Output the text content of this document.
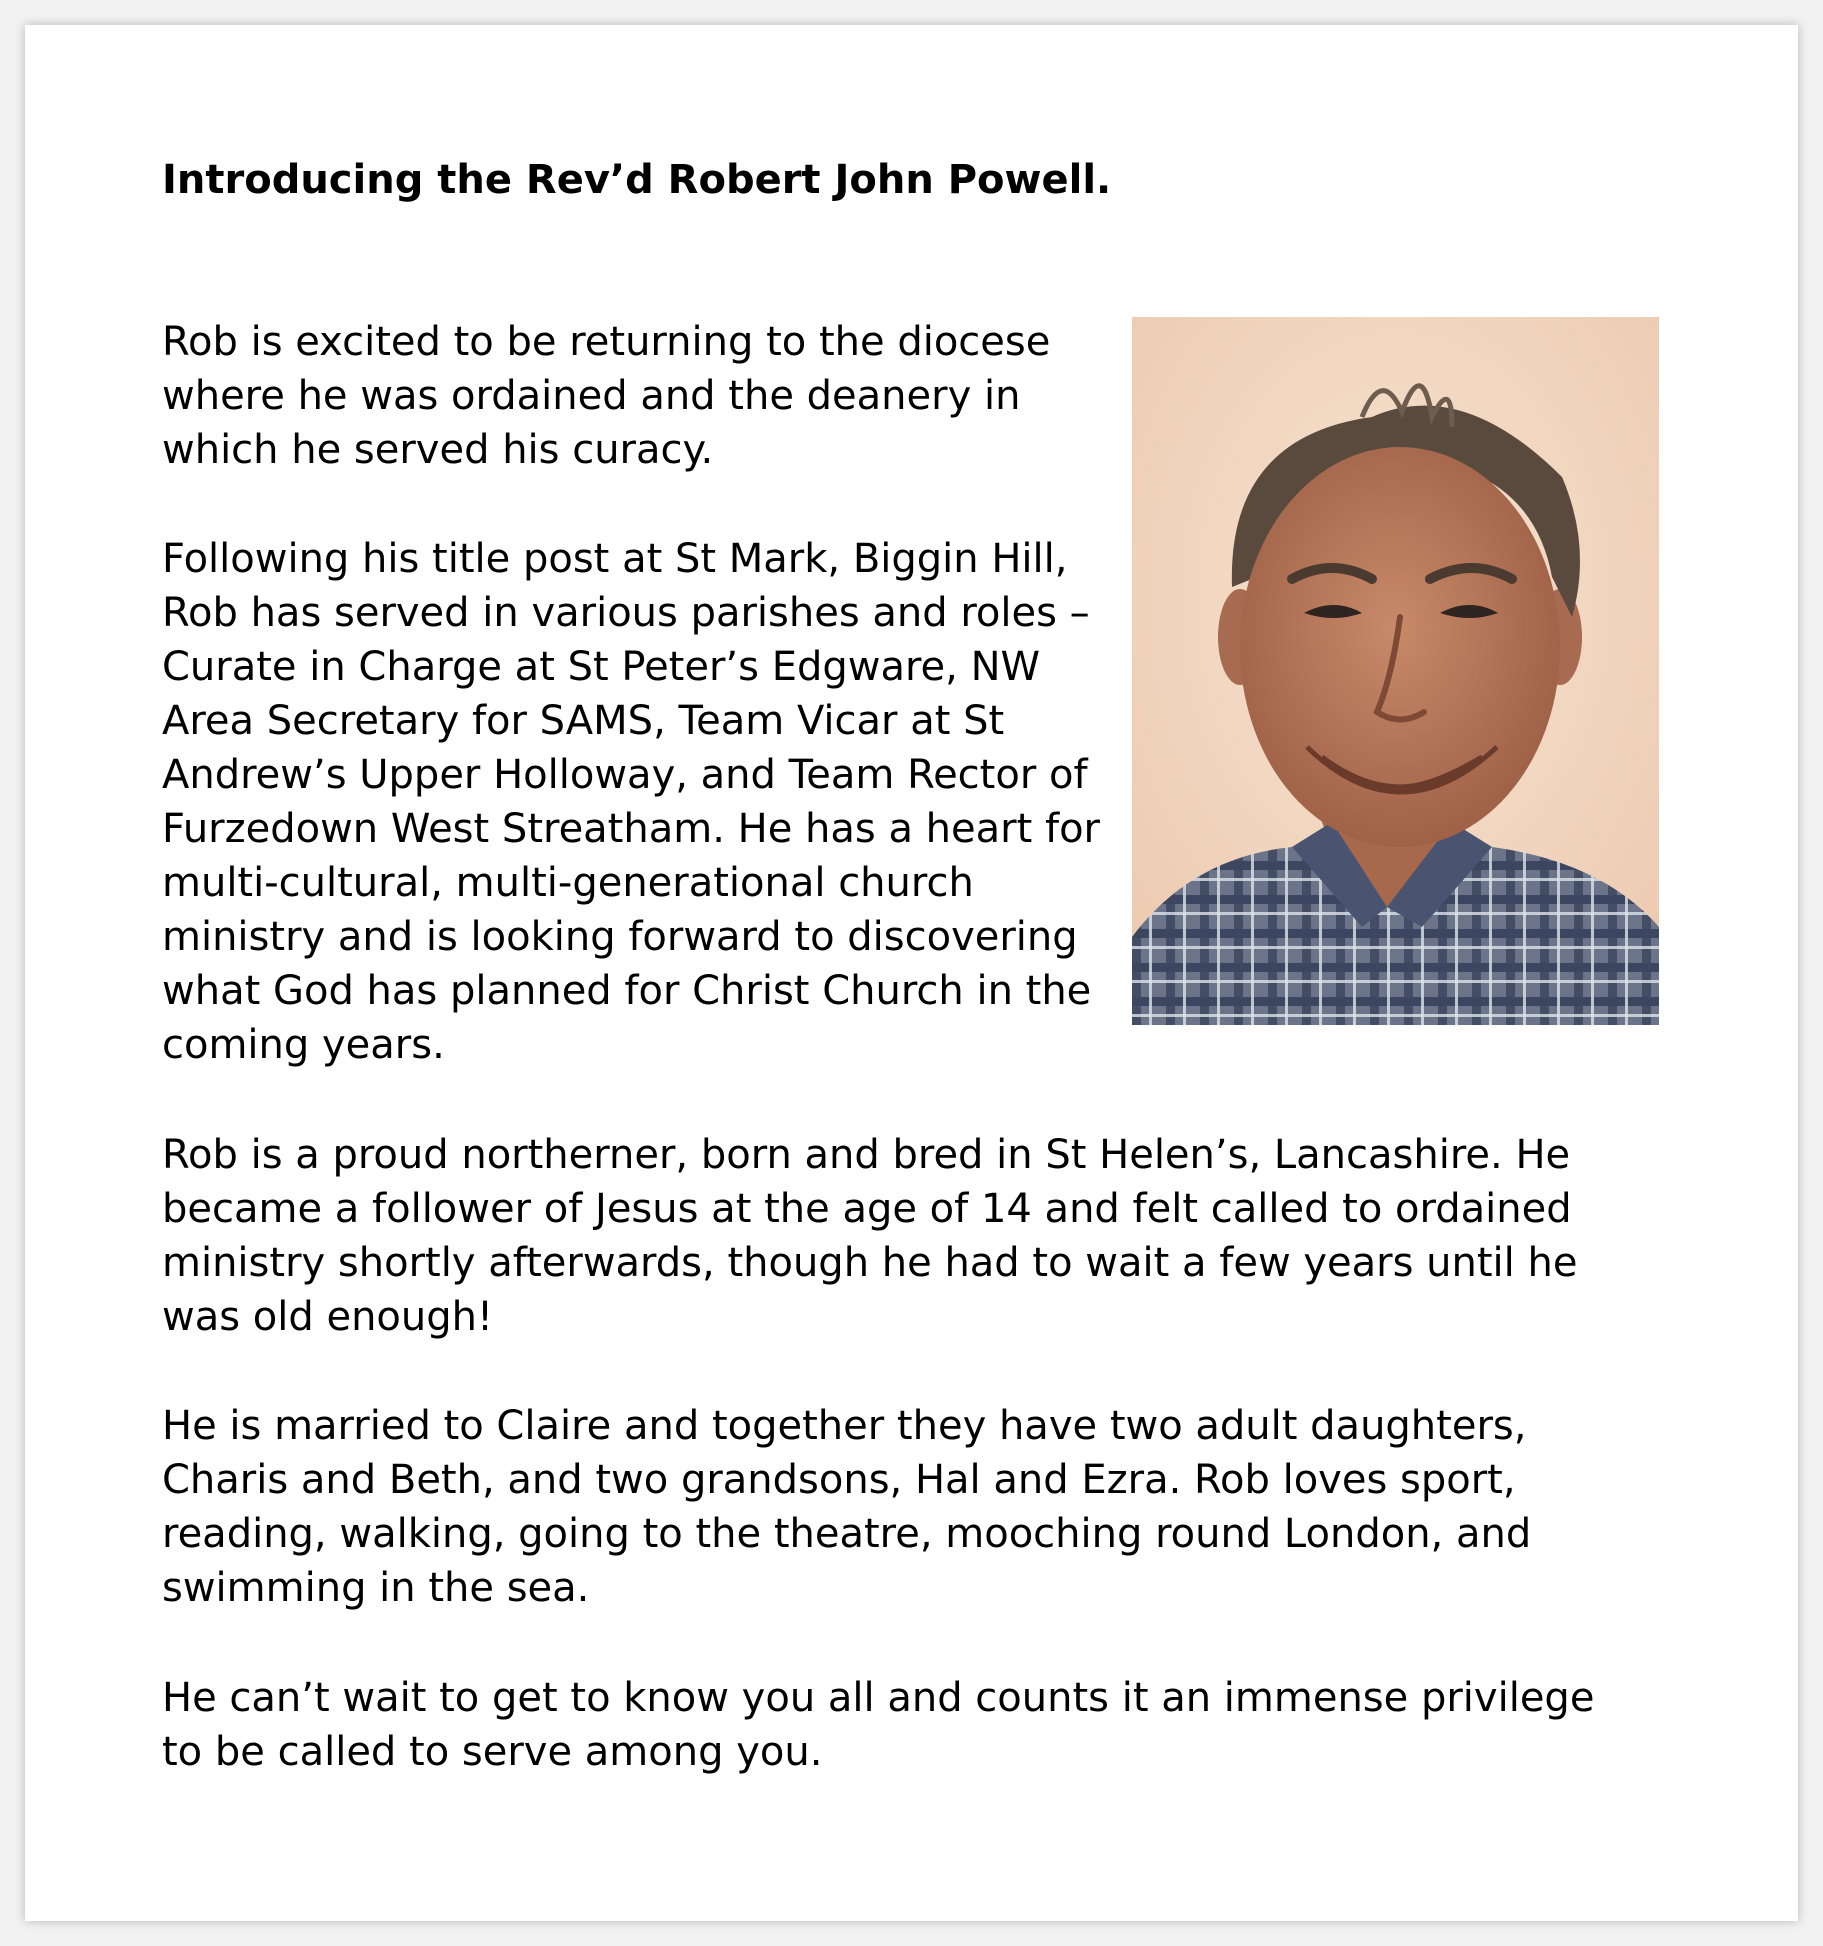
Introducing the Rev’d Robert John Powell.

Rob is excited to be returning to the diocese
where he was ordained and the deanery in
which he served his curacy.

Following his title post at St Mark, Biggin Hill,
Rob has served in various parishes and roles –
Curate in Charge at St Peter’s Edgware, NW
Area Secretary for SAMS, Team Vicar at St
Andrew’s Upper Holloway, and Team Rector of
Furzedown West Streatham. He has a heart for
multi-cultural, multi-generational church
ministry and is looking forward to discovering
what God has planned for Christ Church in the
coming years.

Rob is a proud northerner, born and bred in St Helen’s, Lancashire. He
became a follower of Jesus at the age of 14 and felt called to ordained
ministry shortly afterwards, though he had to wait a few years until he
was old enough!

He is married to Claire and together they have two adult daughters,
Charis and Beth, and two grandsons, Hal and Ezra. Rob loves sport,
reading, walking, going to the theatre, mooching round London, and
swimming in the sea.

He can’t wait to get to know you all and counts it an immense privilege
to be called to serve among you.
